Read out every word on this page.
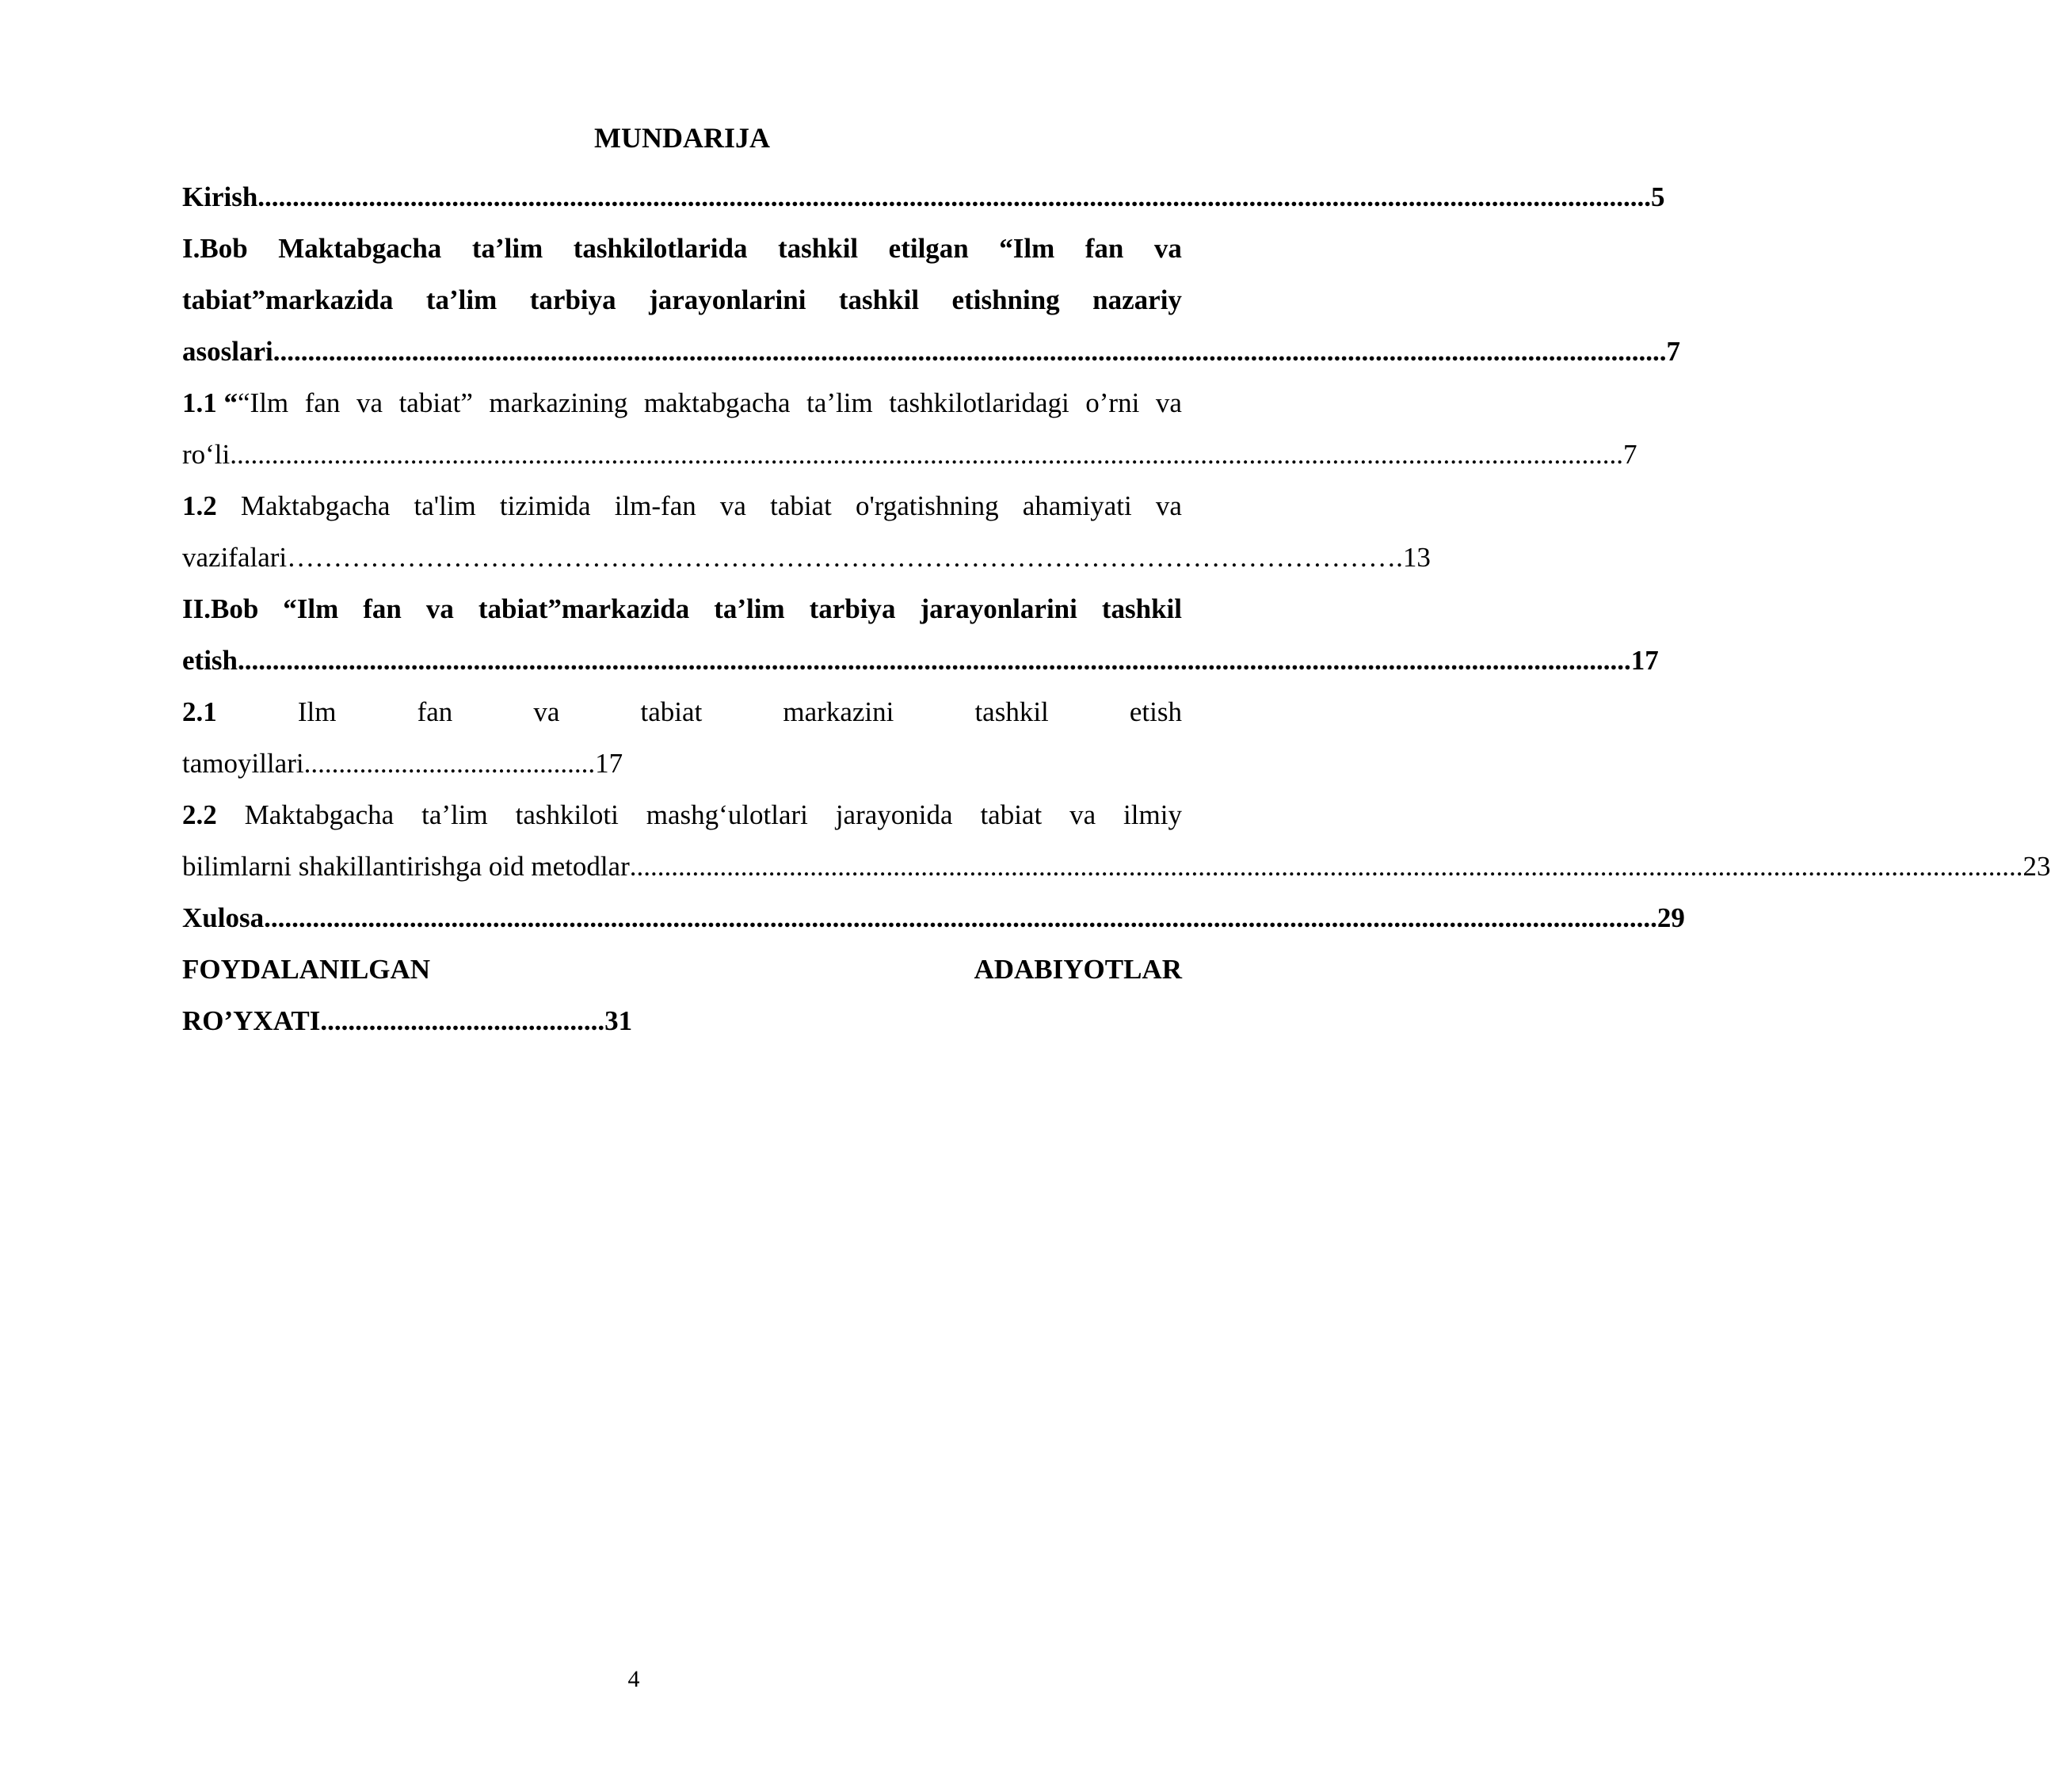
MUNDARIJA
Kirish ......................................................................................................................................................................................................... 5
I.Bob Maktabgacha ta’lim tashkilotlarida tashkil etilgan “Ilm fan va
tabiat”markazida ta’lim tarbiya jarayonlarini tashkil etishning nazariy
asoslari ......................................................................................................................................................................................................... 7
1.1 ““Ilm fan va tabiat” markazining maktabgacha ta’lim tashkilotlaridagi o’rni va
ro‘li ......................................................................................................................................................................................................... 7
1.2 Maktabgacha ta'lim tizimida ilm-fan va tabiat o'rgatishning ahamiyati va
vazifalari ………………………………………………………………………………………………………… .13
II.Bob “Ilm fan va tabiat”markazida ta’lim tarbiya jarayonlarini tashkil
etish ......................................................................................................................................................................................................... 17
2.1	Ilm	fan	va	tabiat	markazini	tashkil	etish
tamoyillari..........................................17
2.2 Maktabgacha ta’lim tashkiloti mashg‘ulotlari jarayonida tabiat va ilmiy
bilimlarni shakillantirishga oid metodlar ......................................................................................................................................................................................................... 23
Xulosa ......................................................................................................................................................................................................... 29
FOYDALANILGAN	ADABIYOTLAR
RO’YXATI.........................................31
4
